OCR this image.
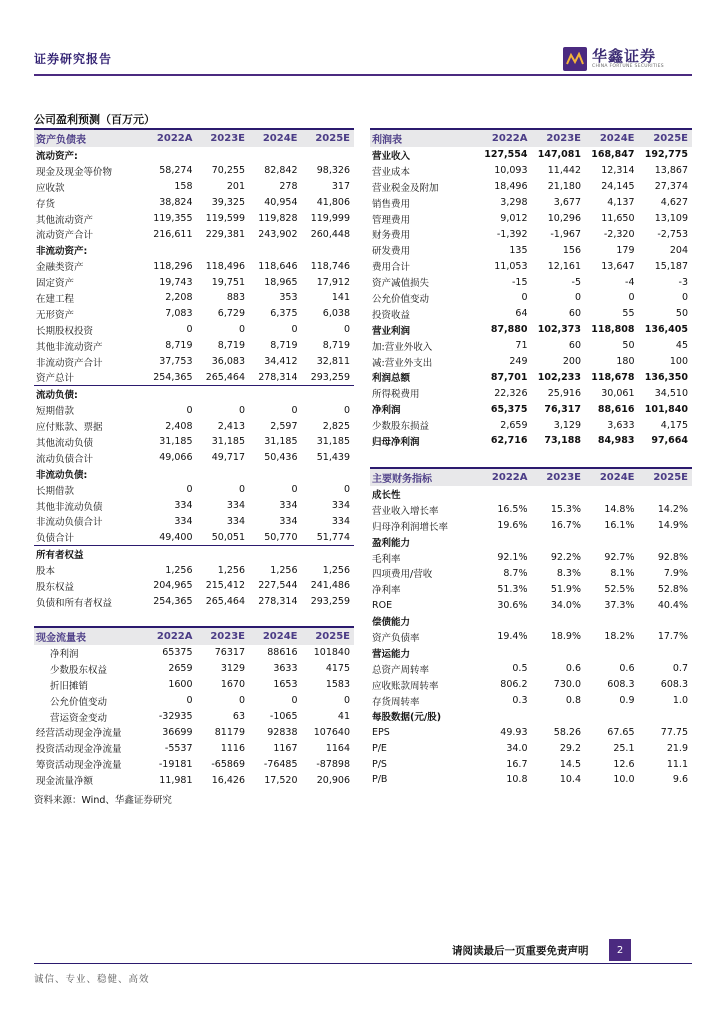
证券研究报告	华鑫证券
CHINA FORTUNE SECURITIES
公司盈利预测（百万元）
资产负债表	2022A	2023E	2024E	2025E
流动资产:
现金及现金等价物	58,274	70,255	82,842	98,326
应收款	158	201	278	317
存货	38,824	39,325	40,954	41,806
其他流动资产	119,355	119,599	119,828	119,999
流动资产合计	216,611	229,381	243,902	260,448
非流动资产:
金融类资产	118,296	118,496	118,646	118,746
固定资产	19,743	19,751	18,965	17,912
在建工程	2,208	883	353	141
无形资产	7,083	6,729	6,375	6,038
长期股权投资	0	0	0	0
其他非流动资产	8,719	8,719	8,719	8,719
非流动资产合计	37,753	36,083	34,412	32,811
资产总计	254,365	265,464	278,314	293,259
流动负债:
短期借款	0	0	0	0
应付账款、票据	2,408	2,413	2,597	2,825
其他流动负债	31,185	31,185	31,185	31,185
流动负债合计	49,066	49,717	50,436	51,439
非流动负债:
长期借款	0	0	0	0
其他非流动负债	334	334	334	334
非流动负债合计	334	334	334	334
负债合计	49,400	50,051	50,770	51,774
所有者权益
股本	1,256	1,256	1,256	1,256
股东权益	204,965	215,412	227,544	241,486
负债和所有者权益	254,365	265,464	278,314	293,259
现金流量表	2022A	2023E	2024E	2025E
净利润	65375	76317	88616	101840
少数股东权益	2659	3129	3633	4175
折旧摊销	1600	1670	1653	1583
公允价值变动	0	0	0	0
营运资金变动	-32935	63	-1065	41
经营活动现金净流量	36699	81179	92838	107640
投资活动现金净流量	-5537	1116	1167	1164
筹资活动现金净流量	-19181	-65869	-76485	-87898
现金流量净额	11,981	16,426	17,520	20,906
利润表	2022A	2023E	2024E	2025E
营业收入	127,554	147,081	168,847	192,775
营业成本	10,093	11,442	12,314	13,867
营业税金及附加	18,496	21,180	24,145	27,374
销售费用	3,298	3,677	4,137	4,627
管理费用	9,012	10,296	11,650	13,109
财务费用	-1,392	-1,967	-2,320	-2,753
研发费用	135	156	179	204
费用合计	11,053	12,161	13,647	15,187
资产减值损失	-15	-5	-4	-3
公允价值变动	0	0	0	0
投资收益	64	60	55	50
营业利润	87,880	102,373	118,808	136,405
加:营业外收入	71	60	50	45
减:营业外支出	249	200	180	100
利润总额	87,701	102,233	118,678	136,350
所得税费用	22,326	25,916	30,061	34,510
净利润	65,375	76,317	88,616	101,840
少数股东损益	2,659	3,129	3,633	4,175
归母净利润	62,716	73,188	84,983	97,664
主要财务指标	2022A	2023E	2024E	2025E
成长性
营业收入增长率	16.5%	15.3%	14.8%	14.2%
归母净利润增长率	19.6%	16.7%	16.1%	14.9%
盈利能力
毛利率	92.1%	92.2%	92.7%	92.8%
四项费用/营收	8.7%	8.3%	8.1%	7.9%
净利率	51.3%	51.9%	52.5%	52.8%
ROE	30.6%	34.0%	37.3%	40.4%
偿债能力
资产负债率	19.4%	18.9%	18.2%	17.7%
营运能力
总资产周转率	0.5	0.6	0.6	0.7
应收账款周转率	806.2	730.0	608.3	608.3
存货周转率	0.3	0.8	0.9	1.0
每股数据(元/股)
EPS	49.93	58.26	67.65	77.75
P/E	34.0	29.2	25.1	21.9
P/S	16.7	14.5	12.6	11.1
P/B	10.8	10.4	10.0	9.6
资料来源：Wind、华鑫证券研究
请阅读最后一页重要免责声明	2
诚信、专业、稳健、高效
